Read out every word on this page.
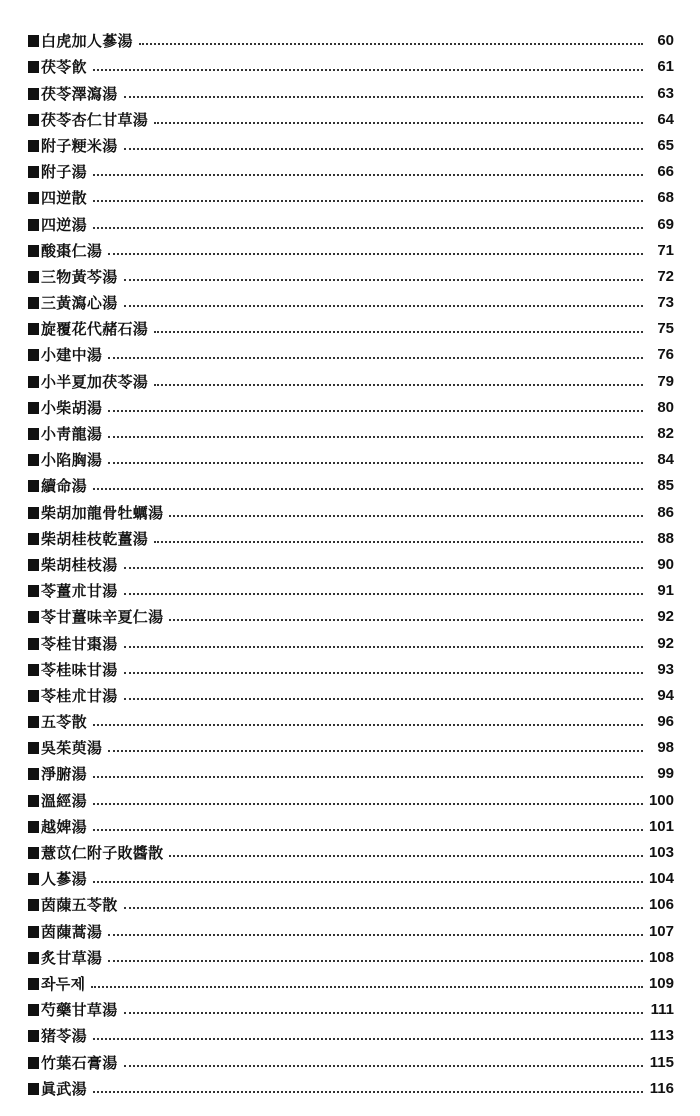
白虎加人蔘湯	60
茯苓飮	61
茯苓澤瀉湯	63
茯苓杏仁甘草湯	64
附子粳米湯	65
附子湯	66
四逆散	68
四逆湯	69
酸棗仁湯	71
三物黃芩湯	72
三黃瀉心湯	73
旋覆花代赭石湯	75
小建中湯	76
小半夏加茯苓湯	79
小柴胡湯	80
小靑龍湯	82
小陷胸湯	84
續命湯	85
柴胡加龍骨牡蠣湯	86
柴胡桂枝乾薑湯	88
柴胡桂枝湯	90
苓薑朮甘湯	91
苓甘薑味辛夏仁湯	92
苓桂甘棗湯	92
苓桂味甘湯	93
苓桂朮甘湯	94
五苓散	96
吳茱萸湯	98
淨腑湯	99
溫經湯	100
越婢湯	101
薏苡仁附子敗醬散	103
人蔘湯	104
茵蔯五苓散	106
茵蔯蒿湯	107
炙甘草湯	108
좌두제	109
芍藥甘草湯	111
猪苓湯	113
竹葉石膏湯	115
眞武湯	116
